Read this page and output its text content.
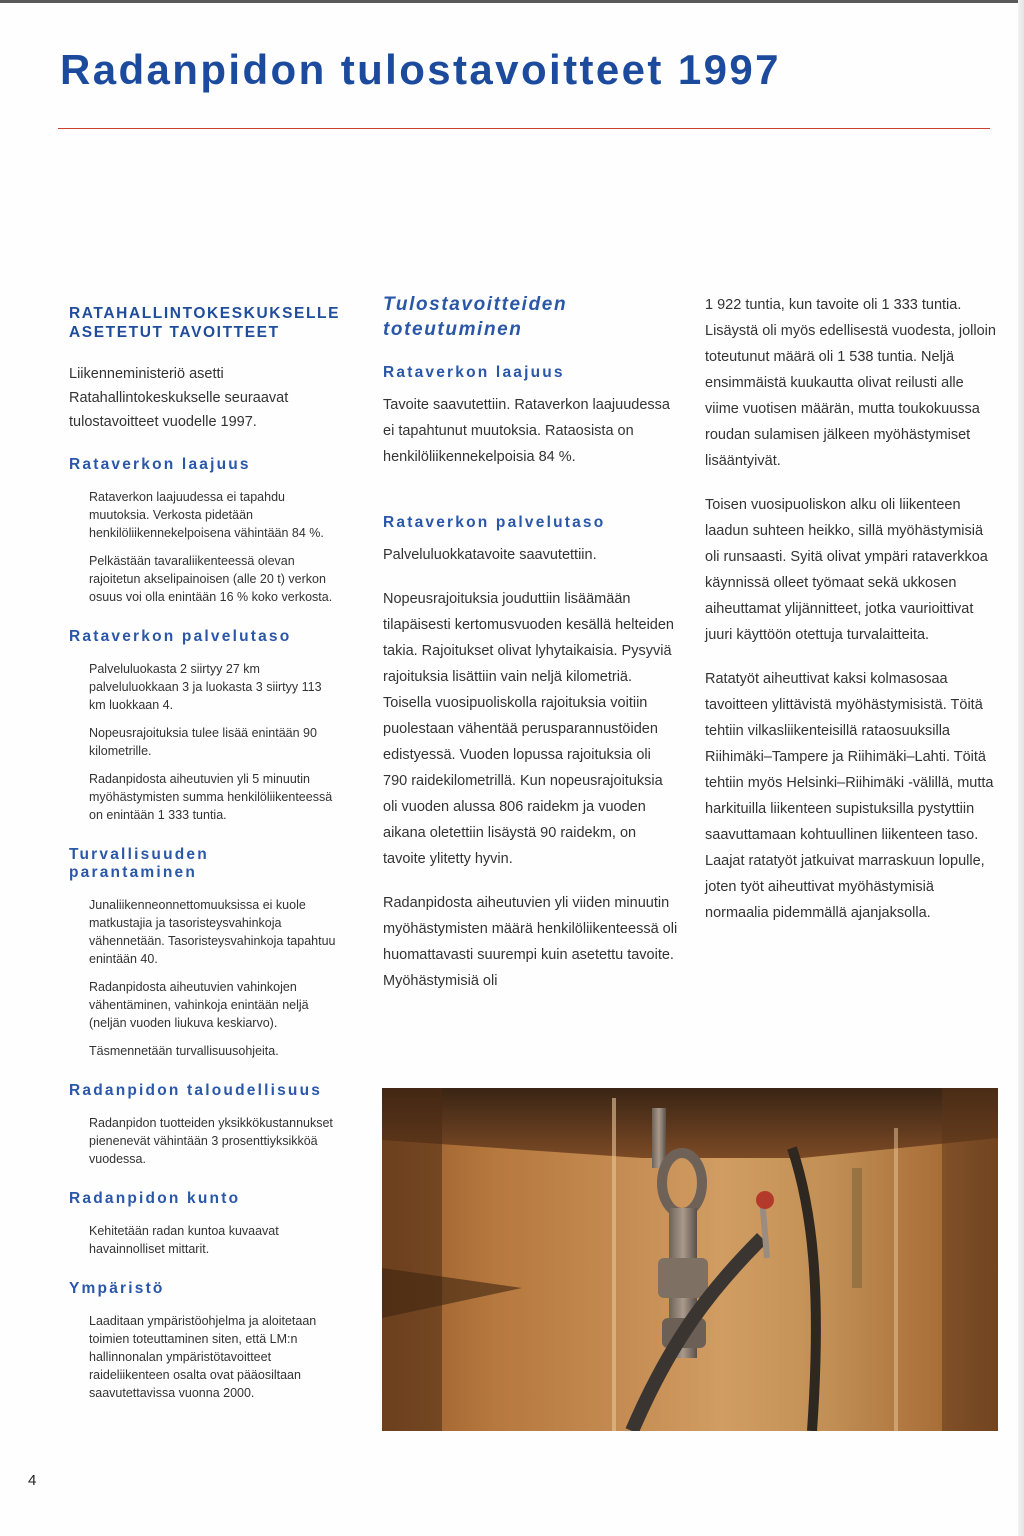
Radanpidon tulostavoitteet 1997
RATAHALLINTOKESKUKSELLE ASETETUT TAVOITTEET

Liikenneministeriö asetti Ratahallintokeskukselle seuraavat tulostavoitteet vuodelle 1997.

Rataverkon laajuus

Rataverkon laajuudessa ei tapahdu muutoksia. Verkosta pidetään henkilöliikennekelpoisena vähintään 84 %.

Pelkästään tavaraliikenteessä olevan rajoitetun akselipainoisen (alle 20 t) verkon osuus voi olla enintään 16 % koko verkosta.

Rataverkon palvelutaso

Palveluluokasta 2 siirtyy 27 km palveluluokkaan 3 ja luokasta 3 siirtyy 113 km luokkaan 4.

Nopeusrajoituksia tulee lisää enintään 90 kilometrille.

Radanpidosta aiheutuvien yli 5 minuutin myöhästymisten summa henkilöliikenteessä on enintään 1 333 tuntia.

Turvallisuuden parantaminen

Junaliikenneonnettomuuksissa ei kuole matkustajia ja tasoristeysvahinkoja vähennetään. Tasoristeysvahinkoja tapahtuu enintään 40.

Radanpidosta aiheutuvien vahinkojen vähentäminen, vahinkoja enintään neljä (neljän vuoden liukuva keskiarvo).

Täsmennetään turvallisuusohjeita.

Radanpidon taloudellisuus

Radanpidon tuotteiden yksikkökustannukset pienenevät vähintään 3 prosenttiyksikköä vuodessa.

Radanpidon kunto

Kehitetään radan kuntoa kuvaavat havainnolliset mittarit.

Ympäristö

Laaditaan ympäristöohjelma ja aloitetaan toimien toteuttaminen siten, että LM:n hallinnonalan ympäristötavoitteet raideliikenteen osalta ovat pääosiltaan saavutettavissa vuonna 2000.

Tulostavoitteiden toteutuminen
Rataverkon laajuus

Tavoite saavutettiin. Rataverkon laajuudessa ei tapahtunut muutoksia. Rataosista on henkilöliikennekelpoisia 84 %.

Rataverkon palvelutaso

Palveluluokkatavoite saavutettiin.

Nopeusrajoituksia jouduttiin lisäämään tilapäisesti kertomusvuoden kesällä helteiden takia. Rajoitukset olivat lyhytaikaisia. Pysyviä rajoituksia lisättiin vain neljä kilometriä. Toisella vuosipuoliskolla rajoituksia voitiin puolestaan vähentää perusparannustöiden edistyessä. Vuoden lopussa rajoituksia oli 790 raidekilometrillä. Kun nopeusrajoituksia oli vuoden alussa 806 raidekm ja vuoden aikana oletettiin lisäystä 90 raidekm, on tavoite ylitetty hyvin.

Radanpidosta aiheutuvien yli viiden minuutin myöhästymisten määrä henkilöliikenteessä oli huomattavasti suurempi kuin asetettu tavoite. Myöhästymisiä oli

1 922 tuntia, kun tavoite oli 1 333 tuntia. Lisäystä oli myös edellisestä vuodesta, jolloin toteutunut määrä oli 1 538 tuntia. Neljä ensimmäistä kuukautta olivat reilusti alle viime vuotisen määrän, mutta toukokuussa roudan sulamisen jälkeen myöhästymiset lisääntyivät.

Toisen vuosipuoliskon alku oli liikenteen laadun suhteen heikko, sillä myöhästymisiä oli runsaasti. Syitä olivat ympäri rataverkkoa käynnissä olleet työmaat sekä ukkosen aiheuttamat ylijännitteet, jotka vaurioittivat juuri käyttöön otettuja turvalaitteita.

Ratatyöt aiheuttivat kaksi kolmasosaa tavoitteen ylittävistä myöhästymisistä. Töitä tehtiin vilkasliikenteisillä rataosuuksilla Riihimäki–Tampere ja Riihimäki–Lahti. Töitä tehtiin myös Helsinki–Riihimäki -välillä, mutta harkituilla liikenteen supistuksilla pystyttiin saavuttamaan kohtuullinen liikenteen taso. Laajat ratatyöt jatkuivat marraskuun lopulle, joten työt aiheuttivat myöhästymisiä normaalia pidemmällä ajanjaksolla.

4
